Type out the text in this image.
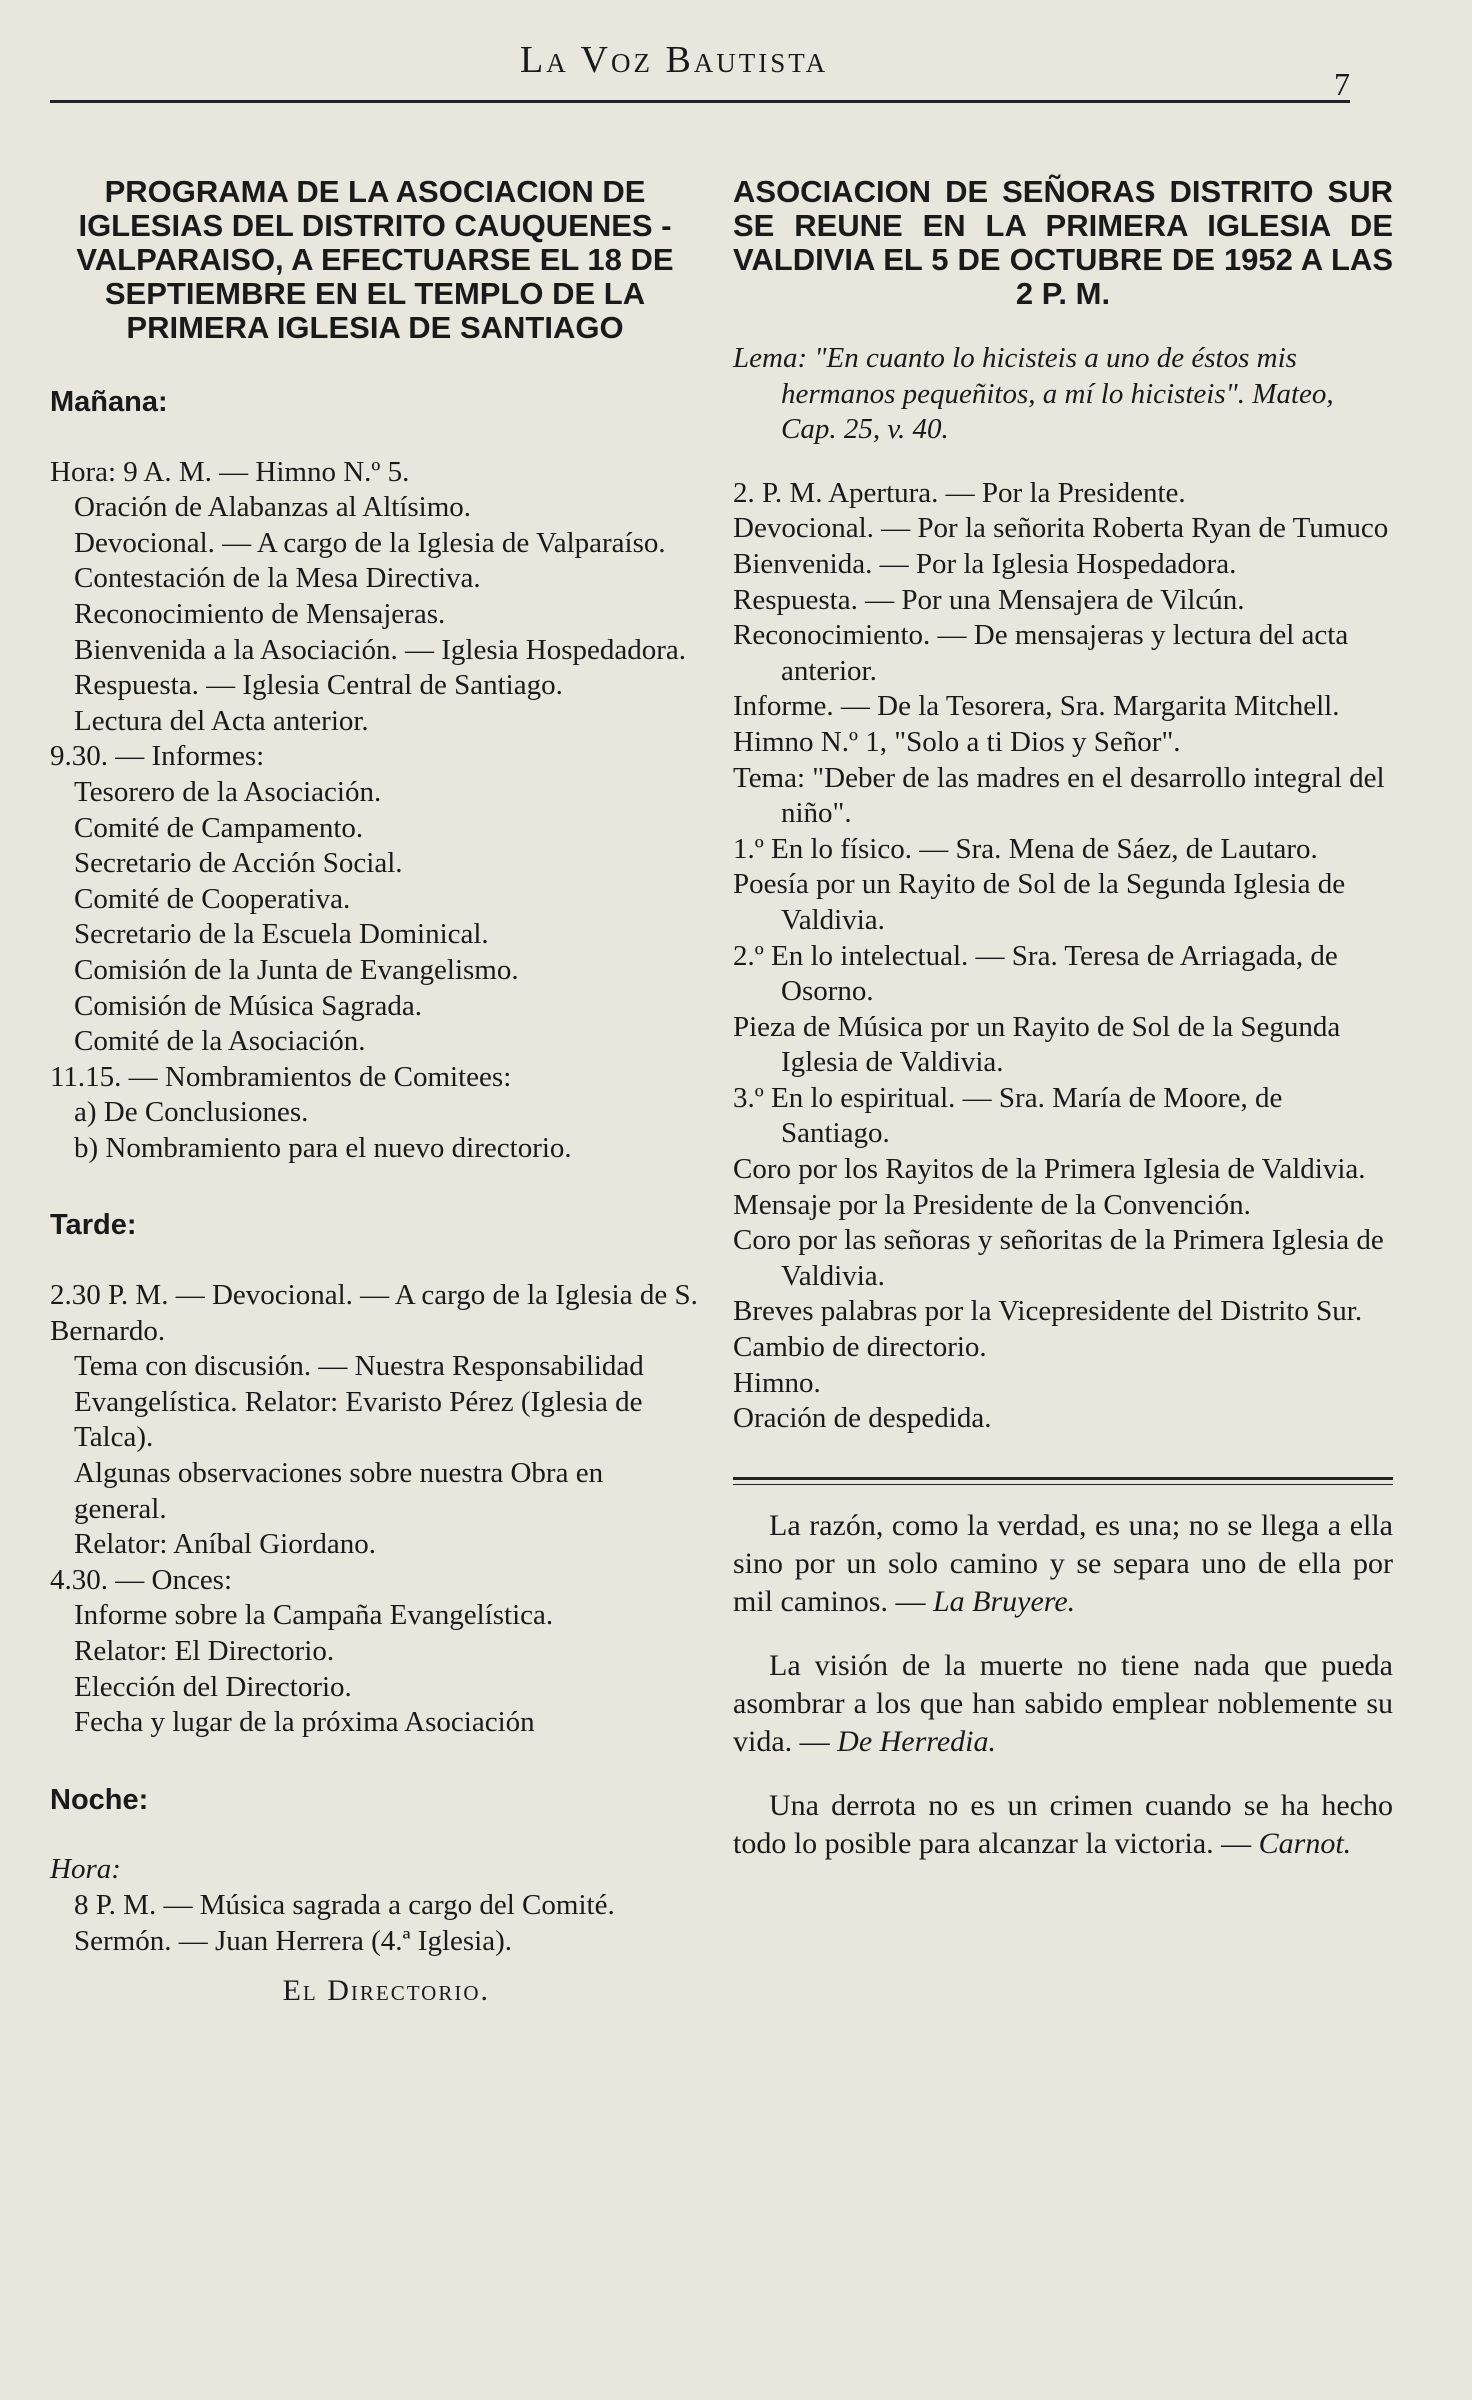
La Voz Bautista
7
PROGRAMA DE LA ASOCIACION DE IGLESIAS DEL DISTRITO CAUQUENES - VALPARAISO, A EFECTUARSE EL 18 DE SEPTIEMBRE EN EL TEMPLO DE LA PRIMERA IGLESIA DE SANTIAGO
Mañana:

Hora: 9 A. M. — Himno N.º 5.

Oración de Alabanzas al Altísimo.

Devocional. — A cargo de la Iglesia de Valparaíso.

Contestación de la Mesa Directiva.

Reconocimiento de Mensajeras.

Bienvenida a la Asociación. — Iglesia Hospedadora.

Respuesta. — Iglesia Central de Santiago.

Lectura del Acta anterior.

9.30. — Informes:

Tesorero de la Asociación.

Comité de Campamento.

Secretario de Acción Social.

Comité de Cooperativa.

Secretario de la Escuela Dominical.

Comisión de la Junta de Evangelismo.

Comisión de Música Sagrada.

Comité de la Asociación.

11.15. — Nombramientos de Comitees:

a) De Conclusiones.

b) Nombramiento para el nuevo directorio.

Tarde:

2.30 P. M. — Devocional. — A cargo de la Iglesia de S. Bernardo.

Tema con discusión. — Nuestra Responsabilidad Evangelística. Relator: Evaristo Pérez (Iglesia de Talca).

Algunas observaciones sobre nuestra Obra en general.

Relator: Aníbal Giordano.

4.30. — Onces:

Informe sobre la Campaña Evangelística.

Relator: El Directorio.

Elección del Directorio.

Fecha y lugar de la próxima Asociación

Noche:

Hora:

8 P. M. — Música sagrada a cargo del Comité.

Sermón. — Juan Herrera (4.ª Iglesia).

El Directorio.
ASOCIACION DE SEÑORAS DISTRITO SUR SE REUNE EN LA PRIMERA IGLESIA DE VALDIVIA EL 5 DE OCTUBRE DE 1952 A LAS 2 P. M.

Lema: "En cuanto lo hicisteis a uno de éstos mis hermanos pequeñitos, a mí lo hicisteis". Mateo, Cap. 25, v. 40.

2. P. M. Apertura. — Por la Presidente.

Devocional. — Por la señorita Roberta Ryan de Tumuco

Bienvenida. — Por la Iglesia Hospedadora.

Respuesta. — Por una Mensajera de Vilcún.

Reconocimiento. — De mensajeras y lectura del acta anterior.

Informe. — De la Tesorera, Sra. Margarita Mitchell.

Himno N.º 1, "Solo a ti Dios y Señor".

Tema: "Deber de las madres en el desarrollo integral del niño".

1.º En lo físico. — Sra. Mena de Sáez, de Lautaro.

Poesía por un Rayito de Sol de la Segunda Iglesia de Valdivia.

2.º En lo intelectual. — Sra. Teresa de Arriagada, de Osorno.

Pieza de Música por un Rayito de Sol de la Segunda Iglesia de Valdivia.

3.º En lo espiritual. — Sra. María de Moore, de Santiago.

Coro por los Rayitos de la Primera Iglesia de Valdivia.

Mensaje por la Presidente de la Convención.

Coro por las señoras y señoritas de la Primera Iglesia de Valdivia.

Breves palabras por la Vicepresidente del Distrito Sur.

Cambio de directorio.

Himno.

Oración de despedida.

La razón, como la verdad, es una; no se llega a ella sino por un solo camino y se separa uno de ella por mil caminos. — La Bruyere.

La visión de la muerte no tiene nada que pueda asombrar a los que han sabido emplear noblemente su vida. — De Herredia.

Una derrota no es un crimen cuando se ha hecho todo lo posible para alcanzar la victoria. — Carnot.
